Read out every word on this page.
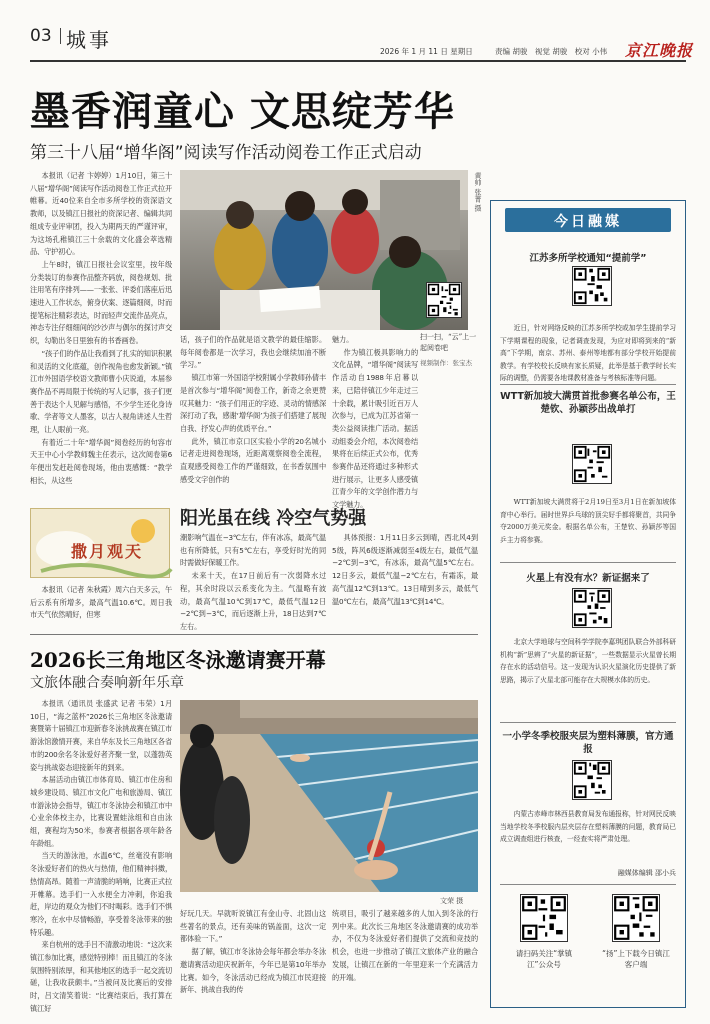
03 城事	2026 年 1 月 11 日 星期日	责编 胡骏　视觉 胡骏　校对 小伟 京江晚报
墨香润童心 文思绽芳华
第三十八届“增华阁”阅读写作活动阅卷工作正式启动

本报讯（记者 卞婷婷）1月10日，第三十八届“增华阁”阅读写作活动阅卷工作正式拉开帷幕。近40位来自全市多所学校的资深语文教师，以及镇江日报社的资深记者、编辑共同组成专业评审团，投入为期两天的严谨评审，为这场孔稚镇江三十余载的文化盛会萃选精品、守护初心。

上午8时，镇江日报社会议室里，按年级分类装订的参赛作品整齐码放，阅卷规划、批注用笔有序排列——一张张、评委们落座后迅速进入工作状态，俯身伏案、逐篇细阅，时而提笔标注精彩表达，时而轻声交流作品亮点，神态专注仔细细间的沙沙声与偶尔的探讨声交织，勾勒出冬日里独有的书香画卷。

“孩子们的作品让我看到了扎实的知识积累和灵活的文化底蕴，创作视角也愈发新颖。”镇江市外国语学校语文教师曹小庆说道，本届参赛作品不再局限于传统的写人记事，孩子们更善于表达个人见解与感悟，不少学生还化身诗歌、学者等文人墨客，以古人视角讲述人生哲理，让人眼前一亮。

有着近二十年“增华阁”阅卷经历的句容市天王中心小学教师魏主任表示，这次阅卷第6年便出发赶赴阅卷现场，他由衷感慨：“教学相长，从这些

黄帅 张菁 摄
扫一扫，“云”上一起阅卷吧
视频制作：张宝杰

话，孩子们的作品就是语文教学的最佳缩影。每年阅卷都是一次学习，我也会继续加油不断学习。”

镇江市第一外国语学校附属小学教师孙倩丰是首次参与“增华阁”阅卷工作，新奇之余更赞叹其魅力：“孩子们用正的字迹、灵动的情感深深打动了我，感谢‘增华阁’为孩子们搭建了展现自我、抒发心声的优质平台。”

此外，镇江市京口区实验小学的20名城小记者走进阅卷现场，近距离观察阅卷全流程，直观感受阅卷工作的严谨细致，在书香氛围中感受文字创作的

魅力。

作为镇江极具影响力的文化品牌，“增华阁”阅读写作活动自1988年启幕以来，已陪伴镇江少年走过三十余载，累计吸引近百万人次参与，已成为江苏省第一类公益阅读推广活动。据活动组委会介绍，本次阅卷结果将在后续正式公布，优秀参赛作品还将通过多种形式进行展示，让更多人感受镇江青少年的文学创作潜力与文学魅力。

撒月观天

本报讯（记者 朱秋霞）周六白天多云，午后云系有所增多，最高气温10.6℃。周日我市天气依然晴好，但寒

阳光虽在线 冷空气势强

潮影响气温在−3℃左右，伴有冰冻，最高气温也有所降低，只有5℃左右，享受好时光的同时需做好保暖工作。

未来十天，在17日前后有一次弱降水过程，其余时段以云系变化为主。气温略有波动，最高气温10℃到17℃，最低气温12日−2℃到−3℃，而后逐渐上升，18日达到7℃左右。

具体预报：1月11日多云到晴，西北风4到5级，阵风6级逐渐减弱至4级左右，最低气温−2℃到−3℃，有冰冻，最高气温5℃左右。12日多云，最低气温−2℃左右，有霜冻，最高气温12℃到13℃。13日晴到多云，最低气温0℃左右，最高气温13℃到14℃。

2026长三角地区冬泳邀请赛开幕
文旅体融合奏响新年乐章

本报讯（通讯员 张盛武 记者 韦荣）1月10日，“海之蓝杯”2026长三角地区冬泳邀请赛暨第十届镇江市迎新春冬泳挑战赛在镇江市游泳馆激情开赛，来自华东及长三角地区各省市的200余名冬泳爱好者齐聚一堂，以蓬勃英姿与挑战姿态迎接新年的到来。

本届活动由镇江市体育局、镇江市住房和城乡建设局、镇江市文化广电和旅游局、镇江市游泳协会指导，镇江市冬泳协会和镇江市中心业余体校主办，比赛设置蛙泳组和自由泳组，赛程均为50米，参赛者根据各项年龄各年龄组。

当天的游泳池，水温6℃，丝毫没有影响冬泳爱好者们的热火与热情，他们精神抖擞，热情高昂。随着一声清脆的哨响，比赛正式拉开帷幕。选手们一入水便全力冲刺，你追我赶，岸边的观众为他们不时喝彩。选手们不惧寒冷，在水中尽情畅游，享受着冬泳带来的独特乐趣。

来自杭州的选手吕不清激动地说：“这次来镇江参加比赛，感觉特别棒！而且镇江的冬泳氛围特别浓厚，和其他地区的选手一起交流切磋，让我收获颇丰。”当被问及比赛后的安排时，吕文清笑着说：“比赛结束后，我打算在镇江好

文荣 摄

好玩几天。早就听说镇江有金山寺、北固山这些著名的景点，还有美味的锅盖面，这次一定都体验一下。”

据了解，镇江市冬泳协会每年都会举办冬泳邀请赛活动迎庆祝新年，今年已是第10年举办比赛。如今，冬泳活动已经成为镇江市民迎接新年、挑战自我的传

统项目，吸引了越来越多的人加入到冬泳的行列中来。此次长三角地区冬泳邀请赛的成功举办，不仅为冬泳爱好者们提供了交流和竞技的机会，也进一步推动了镇江文旅体产业的融合发展，让镇江在新的一年里迎来一个充满活力的开端。

今日融媒
江苏多所学校通知“提前学”
近日，针对网络反映的江苏多所学校或加学生提前学习下学期课程的现象，记者调查发现，为应对即将到来的“新高”下学期，南京、苏州、泰州等地都有部分学校开始提前教学。有学校校长反映有家长质疑，此举是基于教学时长实际的调整，仍需要各地课教材准备与考核标准等问题。
WTT新加坡大满贯首批参赛名单公布，王楚钦、孙颖莎出战单打
WTT新加坡大满贯将于2月19日至3月1日在新加坡体育中心举行。届时世界乒乓球的顶尖好手都将聚首，共同争夺2000万美元奖金。根据名单公布，王楚钦、孙颖莎等国乒主力将参赛。
火星上有没有水？新证据来了
北京大学地球与空间科学学院李嘉琪团队联合外部科研机构“新”思辨了“火星的新证据”，一些数据显示火星曾长期存在水的活动信号。这一发现为认识火星演化历史提供了新思路，揭示了火星北部可能存在大规模水体的历史。
一小学冬季校服夹层为塑料薄膜，官方通报
内蒙古赤峰市林西县教育局发布通报称，针对网民反映当地学校冬季校服内层夹层存在塑料薄膜的问题，教育局已成立调查组进行核查，一经查实将严肃处理。
融媒体编辑 邵小兵
请扫码关注“掌镇江”公众号
“扬”上下载今日镇江客户端
